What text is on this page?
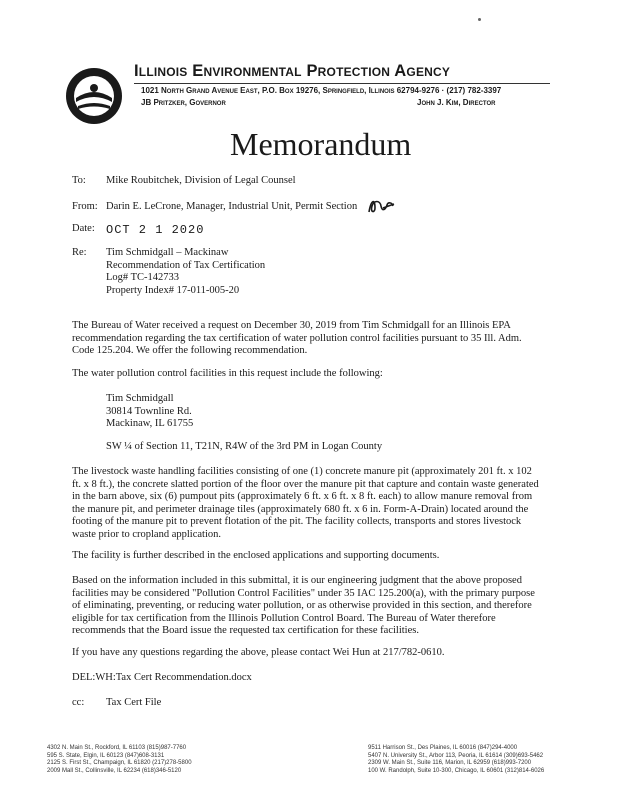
Illinois Environmental Protection Agency
1021 North Grand Avenue East, P.O. Box 19276, Springfield, Illinois 62794-9276 · (217) 782-3397
JB Pritzker, Governor	John J. Kim, Director
Memorandum
To: Mike Roubitchek, Division of Legal Counsel
From: Darin E. LeCrone, Manager, Industrial Unit, Permit Section
Date: OCT 2 1 2020
Re: Tim Schmidgall – Mackinaw
Recommendation of Tax Certification
Log# TC-142733
Property Index# 17-011-005-20
The Bureau of Water received a request on December 30, 2019 from Tim Schmidgall for an Illinois EPA recommendation regarding the tax certification of water pollution control facilities pursuant to 35 Ill. Adm. Code 125.204. We offer the following recommendation.
The water pollution control facilities in this request include the following:
Tim Schmidgall
30814 Townline Rd.
Mackinaw, IL 61755
SW ¼ of Section 11, T21N, R4W of the 3rd PM in Logan County
The livestock waste handling facilities consisting of one (1) concrete manure pit (approximately 201 ft. x 102 ft. x 8 ft.), the concrete slatted portion of the floor over the manure pit that capture and contain waste generated in the barn above, six (6) pumpout pits (approximately 6 ft. x 6 ft. x 8 ft. each) to allow manure removal from the manure pit, and perimeter drainage tiles (approximately 680 ft. x 6 in. Form-A-Drain) located around the footing of the manure pit to prevent flotation of the pit. The facility collects, transports and stores livestock waste prior to cropland application.
The facility is further described in the enclosed applications and supporting documents.
Based on the information included in this submittal, it is our engineering judgment that the above proposed facilities may be considered "Pollution Control Facilities" under 35 IAC 125.200(a), with the primary purpose of eliminating, preventing, or reducing water pollution, or as otherwise provided in this section, and therefore eligible for tax certification from the Illinois Pollution Control Board. The Bureau of Water therefore recommends that the Board issue the requested tax certification for these facilities.
If you have any questions regarding the above, please contact Wei Hun at 217/782-0610.
DEL:WH:Tax Cert Recommendation.docx
cc: Tax Cert File
4302 N. Main St., Rockford, IL 61103 (815)987-7760
595 S. State, Elgin, IL 60123 (847)608-3131
2125 S. First St., Champaign, IL 61820 (217)278-5800
2009 Mall St., Collinsville, IL 62234 (618)346-5120
9511 Harrison St., Des Plaines, IL 60016 (847)294-4000
5407 N. University St., Arbor 113, Peoria, IL 61614 (309)693-5462
2309 W. Main St., Suite 116, Marion, IL 62959 (618)993-7200
100 W. Randolph, Suite 10-300, Chicago, IL 60601 (312)814-6026
